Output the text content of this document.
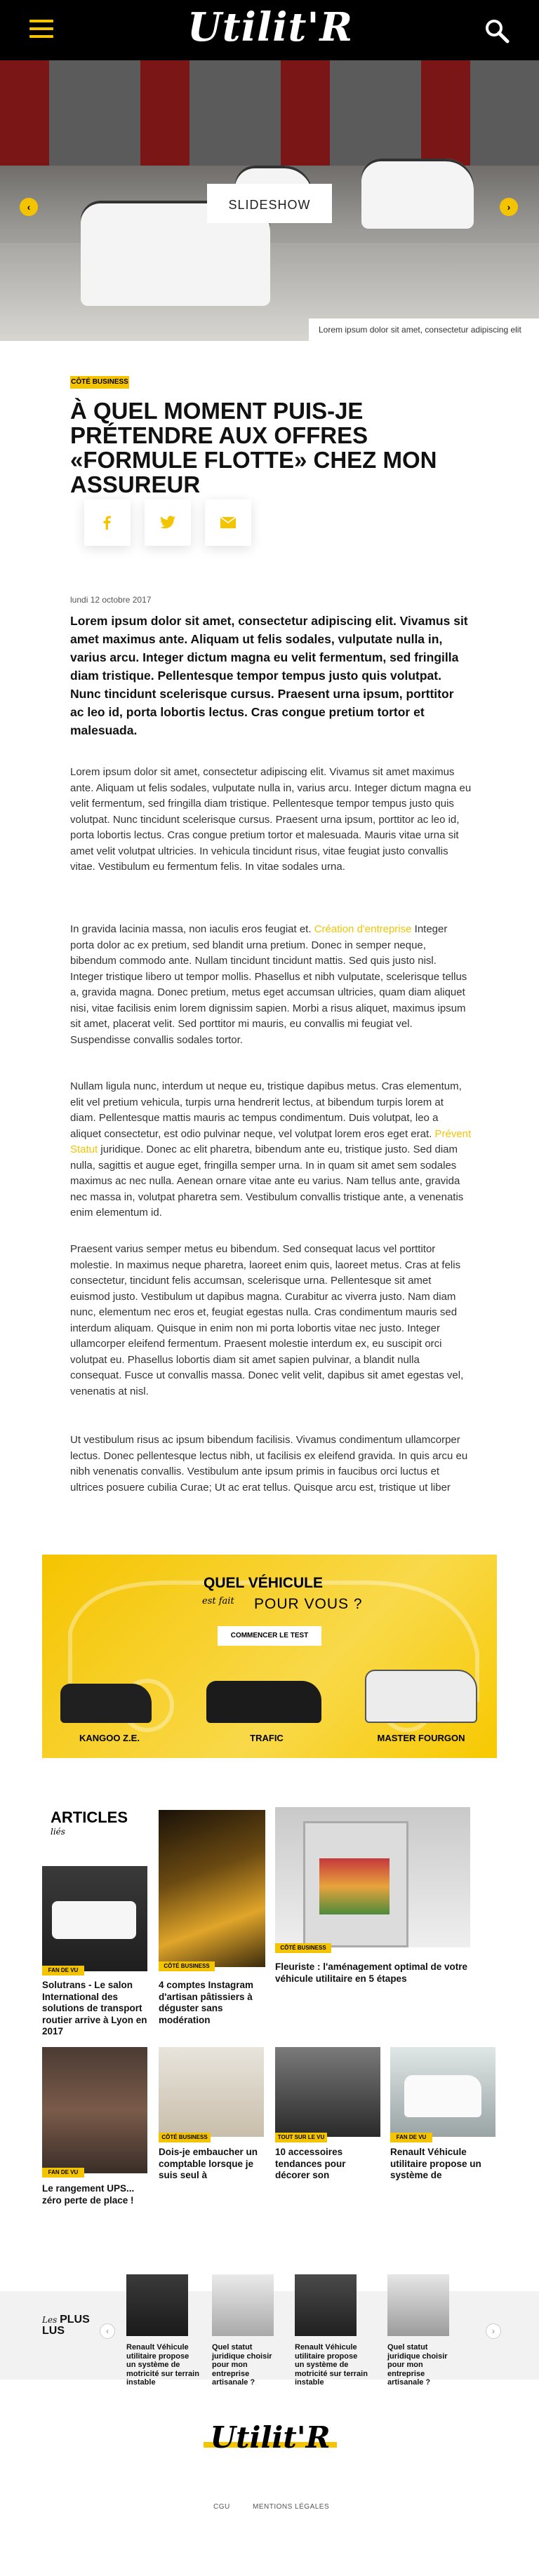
Utilit'R
‹	›
SLIDESHOW
Lorem ipsum dolor sit amet, consectetur adipiscing elit
CÔTÉ BUSINESS
À QUEL MOMENT PUIS-JE PRÉTENDRE AUX OFFRES «FORMULE FLOTTE» CHEZ MON ASSUREUR
lundi 12 octobre 2017

Lorem ipsum dolor sit amet, consectetur adipiscing elit. Vivamus sit amet maximus ante. Aliquam ut felis sodales, vulputate nulla in, varius arcu. Integer dictum magna eu velit fermentum, sed fringilla diam tristique. Pellentesque tempor tempus justo quis volutpat. Nunc tincidunt scelerisque cursus. Praesent urna ipsum, porttitor ac leo id, porta lobortis lectus. Cras congue pretium tortor et malesuada.

Lorem ipsum dolor sit amet, consectetur adipiscing elit. Vivamus sit amet maximus ante. Aliquam ut felis sodales, vulputate nulla in, varius arcu. Integer dictum magna eu velit fermentum, sed fringilla diam tristique. Pellentesque tempor tempus justo quis volutpat. Nunc tincidunt scelerisque cursus. Praesent urna ipsum, porttitor ac leo id, porta lobortis lectus. Cras congue pretium tortor et malesuada. Mauris vitae urna sit amet velit volutpat ultricies. In vehicula tincidunt risus, vitae feugiat justo convallis vitae. Vestibulum eu fermentum felis. In vitae sodales urna.

In gravida lacinia massa, non iaculis eros feugiat et. Création d'entreprise Integer porta dolor ac ex pretium, sed blandit urna pretium. Donec in semper neque, bibendum commodo ante. Nullam tincidunt tincidunt mattis. Sed quis justo nisl. Integer tristique libero ut tempor mollis. Phasellus et nibh vulputate, scelerisque tellus a, gravida magna. Donec pretium, metus eget accumsan ultricies, quam diam aliquet nisi, vitae facilisis enim lorem dignissim sapien. Morbi a risus aliquet, maximus ipsum sit amet, placerat velit. Sed porttitor mi mauris, eu convallis mi feugiat vel. Suspendisse convallis sodales tortor.

Nullam ligula nunc, interdum ut neque eu, tristique dapibus metus. Cras elementum, elit vel pretium vehicula, turpis urna hendrerit lectus, at bibendum turpis lorem at diam. Pellentesque mattis mauris ac tempus condimentum. Duis volutpat, leo a aliquet consectetur, est odio pulvinar neque, vel volutpat lorem eros eget erat. Prévent Statut juridique. Donec ac elit pharetra, bibendum ante eu, tristique justo. Sed diam nulla, sagittis et augue eget, fringilla semper urna. In in quam sit amet sem sodales maximus ac nec nulla. Aenean ornare vitae ante eu varius. Nam tellus ante, gravida nec massa in, volutpat pharetra sem. Vestibulum convallis tristique ante, a venenatis enim elementum id.

Praesent varius semper metus eu bibendum. Sed consequat lacus vel porttitor molestie. In maximus neque pharetra, laoreet enim quis, laoreet metus. Cras at felis consectetur, tincidunt felis accumsan, scelerisque urna. Pellentesque sit amet euismod justo. Vestibulum ut dapibus magna. Curabitur ac viverra justo. Nam diam nunc, elementum nec eros et, feugiat egestas nulla. Cras condimentum mauris sed interdum aliquam. Quisque in enim non mi porta lobortis vitae nec justo. Integer ullamcorper eleifend fermentum. Praesent molestie interdum ex, eu suscipit orci volutpat eu. Phasellus lobortis diam sit amet sapien pulvinar, a blandit nulla consequat. Fusce ut convallis massa. Donec velit velit, dapibus sit amet egestas vel, venenatis at nisl.

Ut vestibulum risus ac ipsum bibendum facilisis. Vivamus condimentum ullamcorper lectus. Donec pellentesque lectus nibh, ut facilisis ex eleifend gravida. In quis arcu eu nibh venenatis convallis. Vestibulum ante ipsum primis in faucibus orci luctus et ultrices posuere cubilia Curae; Ut ac erat tellus. Quisque arcu est, tristique ut liber

QUEL VÉHICULE
est fait POUR VOUS ?
COMMENCER LE TEST
KANGOO Z.E.	TRAFIC	MASTER FOURGON
ARTICLES
liés
FAN DE VU
Solutrans - Le salon International des solutions de transport routier arrive à Lyon en 2017
CÔTÉ BUSINESS
4 comptes Instagram d'artisan pâtissiers à déguster sans modération
CÔTÉ BUSINESS
Fleuriste : l'aménagement optimal de votre véhicule utilitaire en 5 étapes
FAN DE VU
Le rangement UPS... zéro perte de place !
CÔTÉ BUSINESS
Dois-je embaucher un comptable lorsque je suis seul à
TOUT SUR LE VU
10 accessoires tendances pour décorer son
FAN DE VU
Renault Véhicule utilitaire propose un système de
Les PLUS
LUS	‹	›
Renault Véhicule utilitaire propose un système de motricité sur terrain instable
Quel statut juridique choisir pour mon entreprise artisanale ?
Renault Véhicule utilitaire propose un système de motricité sur terrain instable
Quel statut juridique choisir pour mon entreprise artisanale ?
Utilit'R
CGU	MENTIONS LÉGALES
